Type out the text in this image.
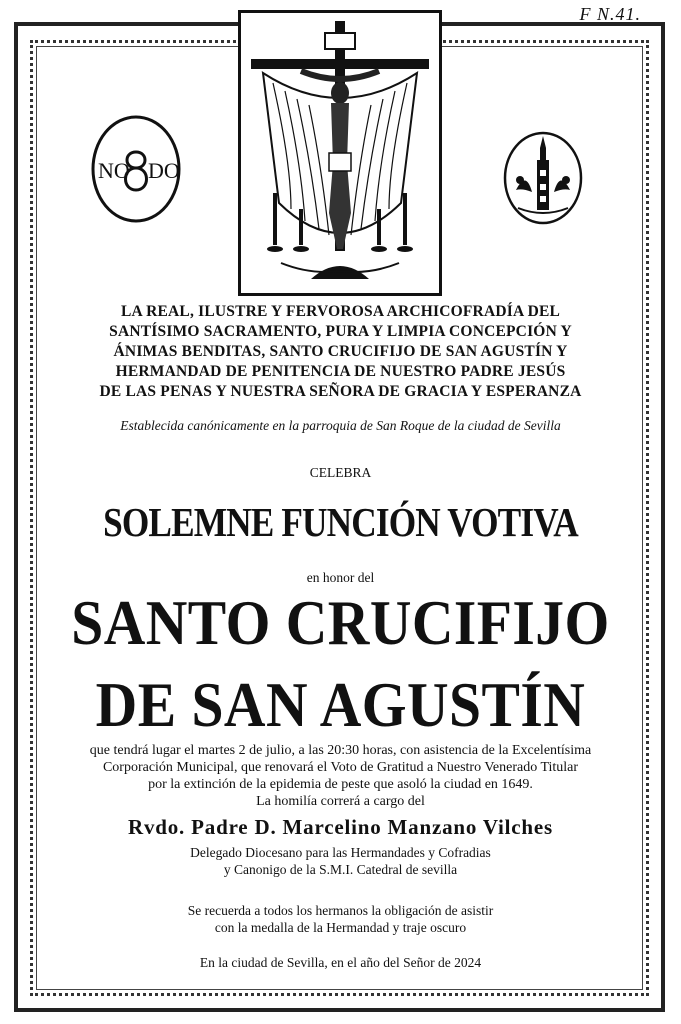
F N.41.
NO DO
LA REAL, ILUSTRE Y FERVOROSA ARCHICOFRADÍA DEL
SANTÍSIMO SACRAMENTO, PURA Y LIMPIA CONCEPCIÓN Y
ÁNIMAS BENDITAS, SANTO CRUCIFIJO DE SAN AGUSTÍN Y
HERMANDAD DE PENITENCIA DE NUESTRO PADRE JESÚS
DE LAS PENAS Y NUESTRA SEÑORA DE GRACIA Y ESPERANZA
Establecida canónicamente en la parroquia de San Roque de la ciudad de Sevilla
CELEBRA
SOLEMNE FUNCIÓN VOTIVA
en honor del
SANTO CRUCIFIJO
DE SAN AGUSTÍN
que tendrá lugar el martes 2 de julio, a las 20:30 horas, con asistencia de la Excelentísima
Corporación Municipal, que renovará el Voto de Gratitud a Nuestro Venerado Titular
por la extinción de la epidemia de peste que asoló la ciudad en 1649.
La homilía correrá a cargo del
Rvdo. Padre D. Marcelino Manzano Vilches
Delegado Diocesano para las Hermandades y Cofradias
y Canonigo de la S.M.I. Catedral de sevilla
Se recuerda a todos los hermanos la obligación de asistir
con la medalla de la Hermandad y traje oscuro
En la ciudad de Sevilla, en el año del Señor de 2024
